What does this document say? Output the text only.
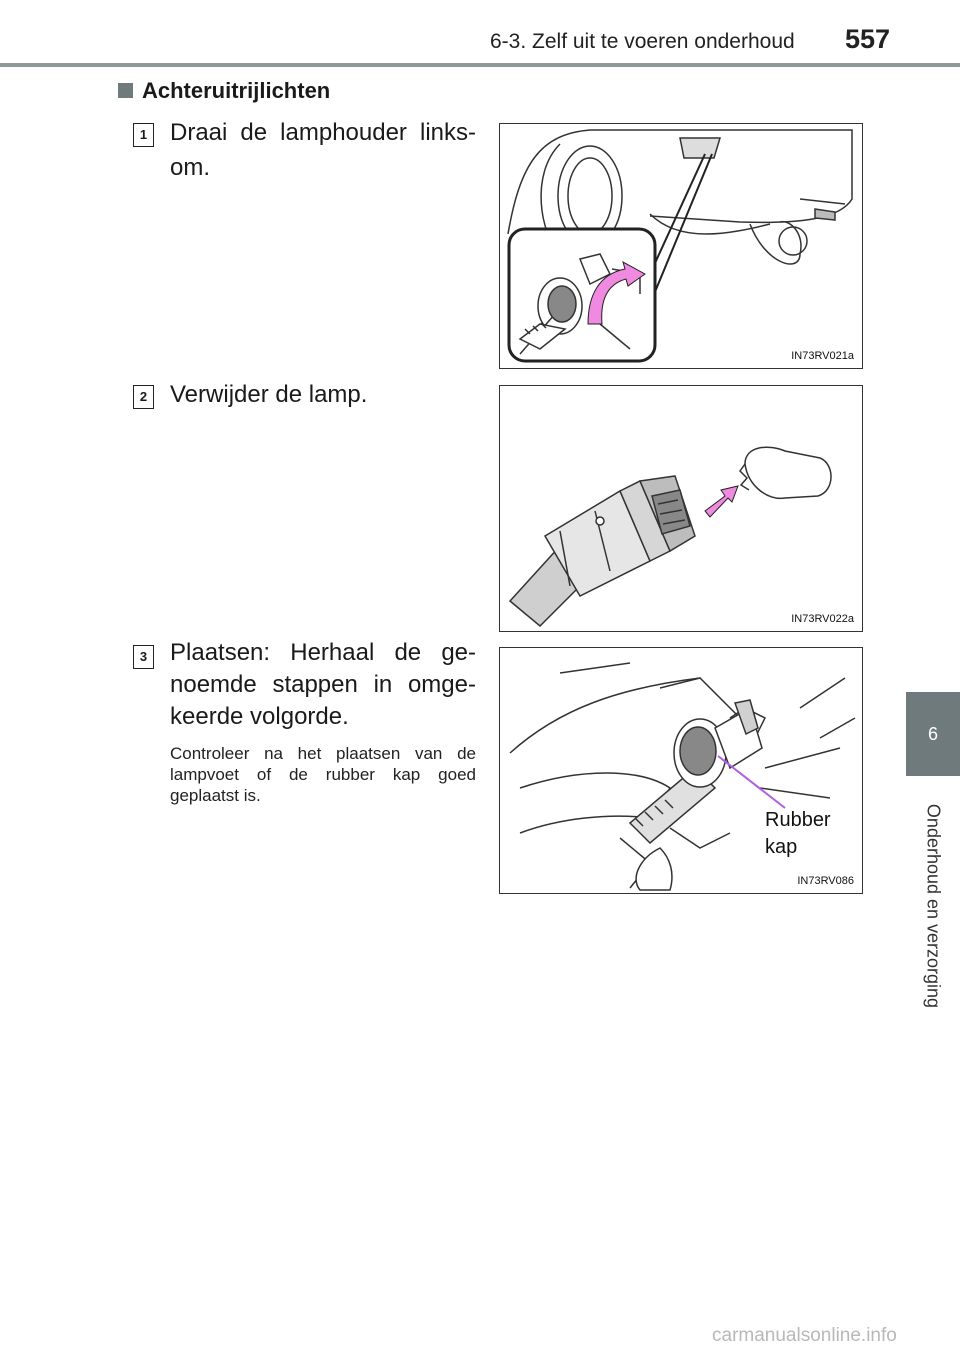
6-3. Zelf uit te voeren onderhoud 557
6
Onderhoud en verzorging
Achteruitrijlichten
1 Draai de lamphouder links-om.
2 Verwijder de lamp.
3 Plaatsen: Herhaal de ge-noemde stappen in omge-keerde volgorde.
Controleer na het plaatsen van de lampvoet of de rubber kap goed geplaatst is.
IN73RV021a
IN73RV022a
Rubber
kap
IN73RV086
carmanualsonline.info
